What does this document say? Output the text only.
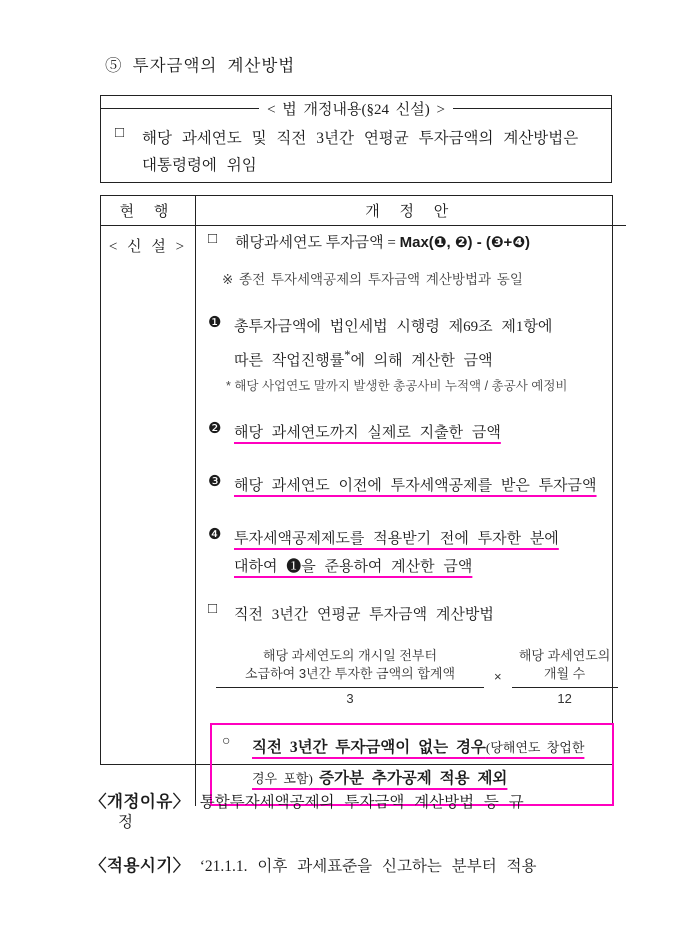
⑤ 투자금액의 계산방법
< 법 개정내용(§24 신설) >
□	해당 과세연도 및 직전 3년간 연평균 투자금액의 계산방법은
대통령령에 위임
현 행	개 정 안
< 신 설 >	□	해당과세연도 투자금액 = Max(❶, ❷) - (❸+❹)
※ 종전 투자세액공제의 투자금액 계산방법과 동일
❶ 총투자금액에 법인세법 시행령 제69조 제1항에
따른 작업진행률*에 의해 계산한 금액
* 해당 사업연도 말까지 발생한 총공사비 누적액 / 총공사 예정비
❷ 해당 과세연도까지 실제로 지출한 금액
❸ 해당 과세연도 이전에 투자세액공제를 받은 투자금액
❹ 투자세액공제제도를 적용받기 전에 투자한 분에
대하여 ❶을 준용하여 계산한 금액
□	직전 3년간 연평균 투자금액 계산방법
해당 과세연도의 개시일 전부터
소급하여 3년간 투자한 금액의 합계액
3
×
해당 과세연도의
개월 수
12
○	직전 3년간 투자금액이 없는 경우(당해연도 창업한
경우 포함) 증가분 추가공제 적용 제외
〈개정이유〉 통합투자세액공제의 투자금액 계산방법 등 규
정
〈적용시기〉 ‘21.1.1. 이후 과세표준을 신고하는 분부터 적용
